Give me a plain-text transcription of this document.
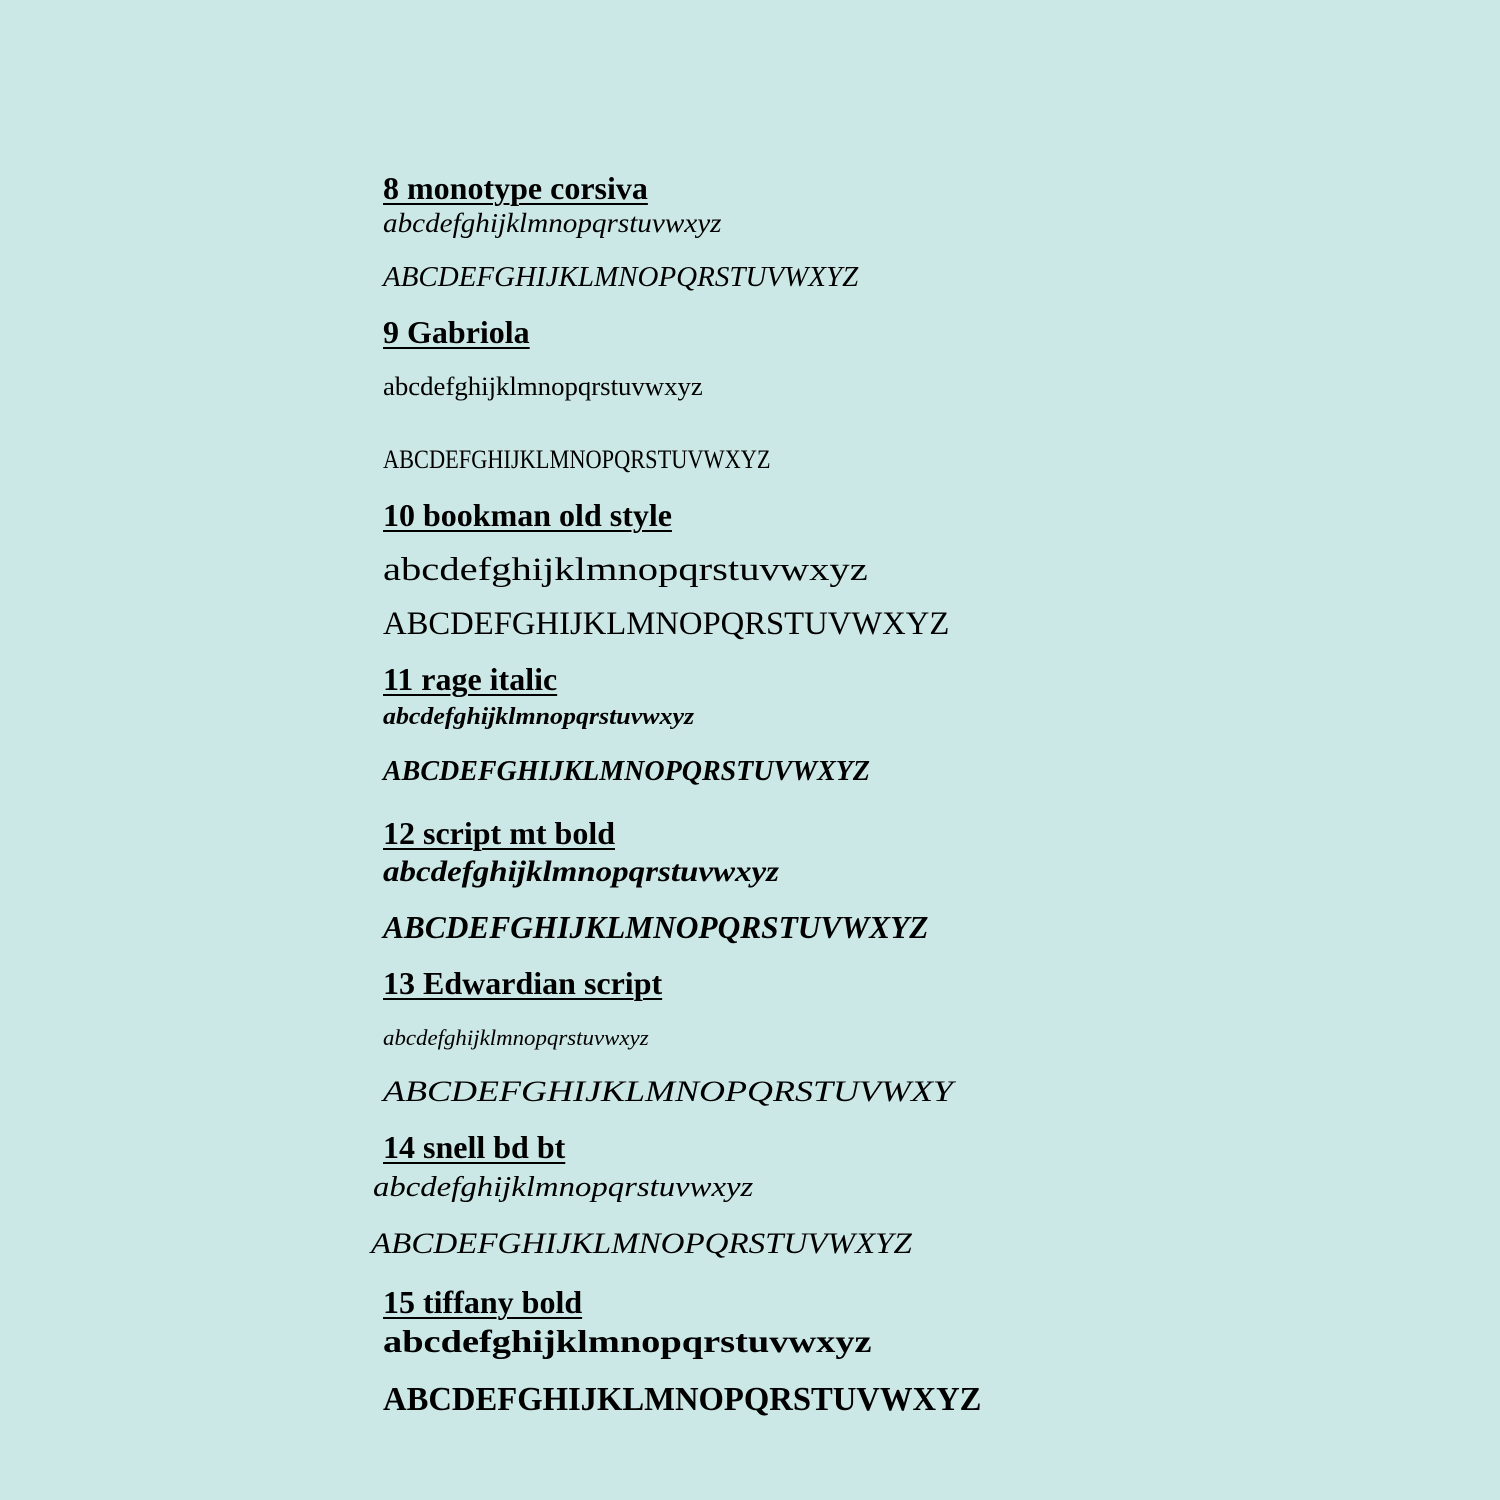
8 monotype corsiva
abcdefghijklmnopqrstuvwxyz
ABCDEFGHIJKLMNOPQRSTUVWXYZ
9 Gabriola
abcdefghijklmnopqrstuvwxyz
ABCDEFGHIJKLMNOPQRSTUVWXYZ
10 bookman old style
abcdefghijklmnopqrstuvwxyz
ABCDEFGHIJKLMNOPQRSTUVWXYZ
11 rage italic
abcdefghijklmnopqrstuvwxyz
ABCDEFGHIJKLMNOPQRSTUVWXYZ
12 script mt bold
abcdefghijklmnopqrstuvwxyz
ABCDEFGHIJKLMNOPQRSTUVWXYZ
13 Edwardian script
abcdefghijklmnopqrstuvwxyz
ABCDEFGHIJKLMNOPQRSTUVWXY
14 snell bd bt
abcdefghijklmnopqrstuvwxyz
ABCDEFGHIJKLMNOPQRSTUVWXYZ
15 tiffany bold
abcdefghijklmnopqrstuvwxyz
ABCDEFGHIJKLMNOPQRSTUVWXYZ
